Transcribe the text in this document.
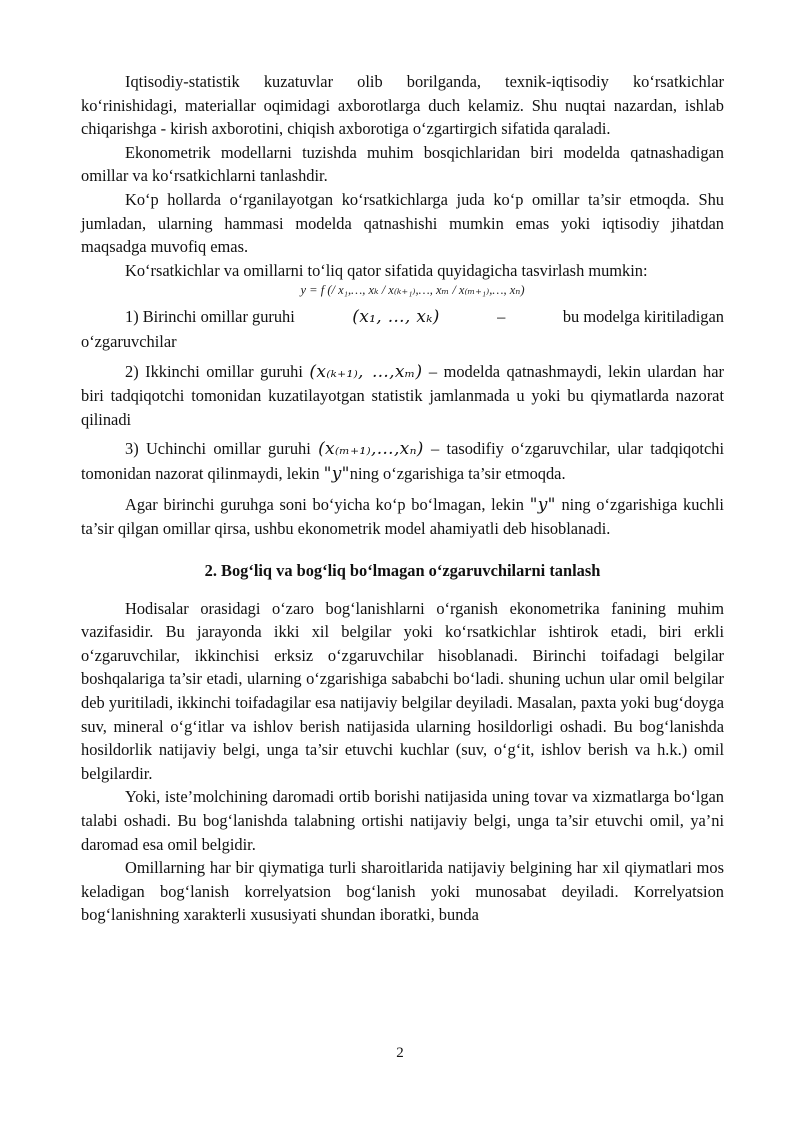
Iqtisodiy-statistik kuzatuvlar olib borilganda, texnik-iqtisodiy ko‘rsatkichlar ko‘rinishidagi, materiallar oqimidagi axborotlarga duch kelamiz. Shu nuqtai nazardan, ishlab chiqarishga - kirish axborotini, chiqish axborotiga o‘zgartirgich sifatida qaraladi.

Ekonometrik modellarni tuzishda muhim bosqichlaridan biri modelda qatnashadigan omillar va ko‘rsatkichlarni tanlashdir.

Ko‘p hollarda o‘rganilayotgan ko‘rsatkichlarga juda ko‘p omillar ta’sir etmoqda. Shu jumladan, ularning hammasi modelda qatnashishi mumkin emas yoki iqtisodiy jihatdan maqsadga muvofiq emas.

Ko‘rsatkichlar va omillarni to‘liq qator sifatida quyidagicha tasvirlash mumkin:

y = f (/ x₁,…, xₖ / x₍ₖ₊₁₎,…, xₘ / x₍ₘ₊₁₎,…, xₙ)
1) Birinchi omillar guruhi	(x₁, …, xₖ)	–	bu modelga kiritiladigan

o‘zgaruvchilar

2) Ikkinchi omillar guruhi (x₍ₖ₊₁₎, …,xₘ) – modelda qatnashmaydi, lekin ulardan har biri tadqiqotchi tomonidan kuzatilayotgan statistik jamlanmada u yoki bu qiymatlarda nazorat qilinadi

3) Uchinchi omillar guruhi (x₍ₘ₊₁₎,…,xₙ) – tasodifiy o‘zgaruvchilar, ular tadqiqotchi tomonidan nazorat qilinmaydi, lekin "y"ning o‘zgarishiga ta’sir etmoqda.

Agar birinchi guruhga soni bo‘yicha ko‘p bo‘lmagan, lekin "y" ning o‘zgarishiga kuchli ta’sir qilgan omillar qirsa, ushbu ekonometrik model ahamiyatli deb hisoblanadi.

2. Bog‘liq va bog‘liq bo‘lmagan o‘zgaruvchilarni tanlash

Hodisalar orasidagi o‘zaro bog‘lanishlarni o‘rganish ekonometrika fanining muhim vazifasidir. Bu jarayonda ikki xil belgilar yoki ko‘rsatkichlar ishtirok etadi, biri erkli o‘zgaruvchilar, ikkinchisi erksiz o‘zgaruvchilar hisoblanadi. Birinchi toifadagi belgilar boshqalariga ta’sir etadi, ularning o‘zgarishiga sababchi bo‘ladi. shuning uchun ular omil belgilar deb yuritiladi, ikkinchi toifadagilar esa natijaviy belgilar deyiladi. Masalan, paxta yoki bug‘doyga suv, mineral o‘g‘itlar va ishlov berish natijasida ularning hosildorligi oshadi. Bu bog‘lanishda hosildorlik natijaviy belgi, unga ta’sir etuvchi kuchlar (suv, o‘g‘it, ishlov berish va h.k.) omil belgilardir.

Yoki, iste’molchining daromadi ortib borishi natijasida uning tovar va xizmatlarga bo‘lgan talabi oshadi. Bu bog‘lanishda talabning ortishi natijaviy belgi, unga ta’sir etuvchi omil, ya’ni daromad esa omil belgidir.

Omillarning har bir qiymatiga turli sharoitlarida natijaviy belgining har xil qiymatlari mos keladigan bog‘lanish korrelyatsion bog‘lanish yoki munosabat deyiladi. Korrelyatsion bog‘lanishning xarakterli xususiyati shundan iboratki, bunda

2
